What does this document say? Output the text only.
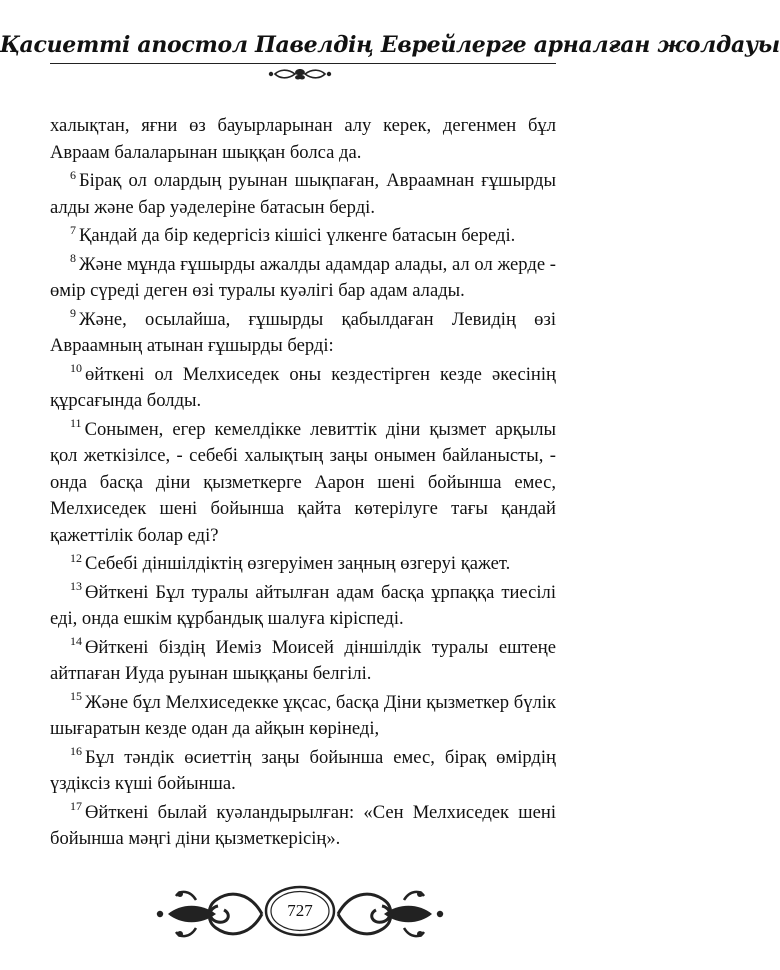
Қасиетті апостол Павелдің Еврейлерге арналған жолдауы

халықтан, яғни өз бауырларынан алу керек, дегенмен бұл Авраам балаларынан шыққан болса да.

$^6$ Бірақ ол олардың руынан шықпаған, Авраамнан ғұшырды алды және бар уәделеріне батасын берді.

$^7$ Қандай да бір кедергісіз кішісі үлкенге батасын береді.

$^8$ Және мұнда ғұшырды ажалды адамдар алады, ал ол жерде - өмір сүреді деген өзі туралы куәлігі бар адам алады.

$^9$ Және, осылайша, ғұшырды қабылдаған Левидің өзі Авраамның атынан ғұшырды берді:

$^{10}$ өйткені ол Мелхиседек оны кездестірген кезде әкесінің құрсағында болды.

$^{11}$ Сонымен, егер кемелдікке левиттік діни қызмет арқылы қол жеткізілсе, - себебі халықтың заңы онымен байланысты, - онда басқа діни қызметкерге Аарон шені бойынша емес, Мелхиседек шені бойынша қайта көтерілуге тағы қандай қажеттілік болар еді?

$^{12}$ Себебі діншілдіктің өзгеруімен заңның өзгеруі қажет.

$^{13}$ Өйткені Бұл туралы айтылған адам басқа ұрпаққа тиесілі еді, онда ешкім құрбандық шалуға кіріспеді.

$^{14}$ Өйткені біздің Иеміз Моисей діншілдік туралы ештеңе айтпаған Иуда руынан шыққаны белгілі.

$^{15}$ Және бұл Мелхиседекке ұқсас, басқа Діни қызметкер бүлік шығаратын кезде одан да айқын көрінеді,

$^{16}$ Бұл тәндік өсиеттің заңы бойынша емес, бірақ өмірдің үздіксіз күші бойынша.

$^{17}$ Өйткені былай куәландырылған: «Сен Мелхиседек шені бойынша мәңгі діни қызметкерісің».

727
